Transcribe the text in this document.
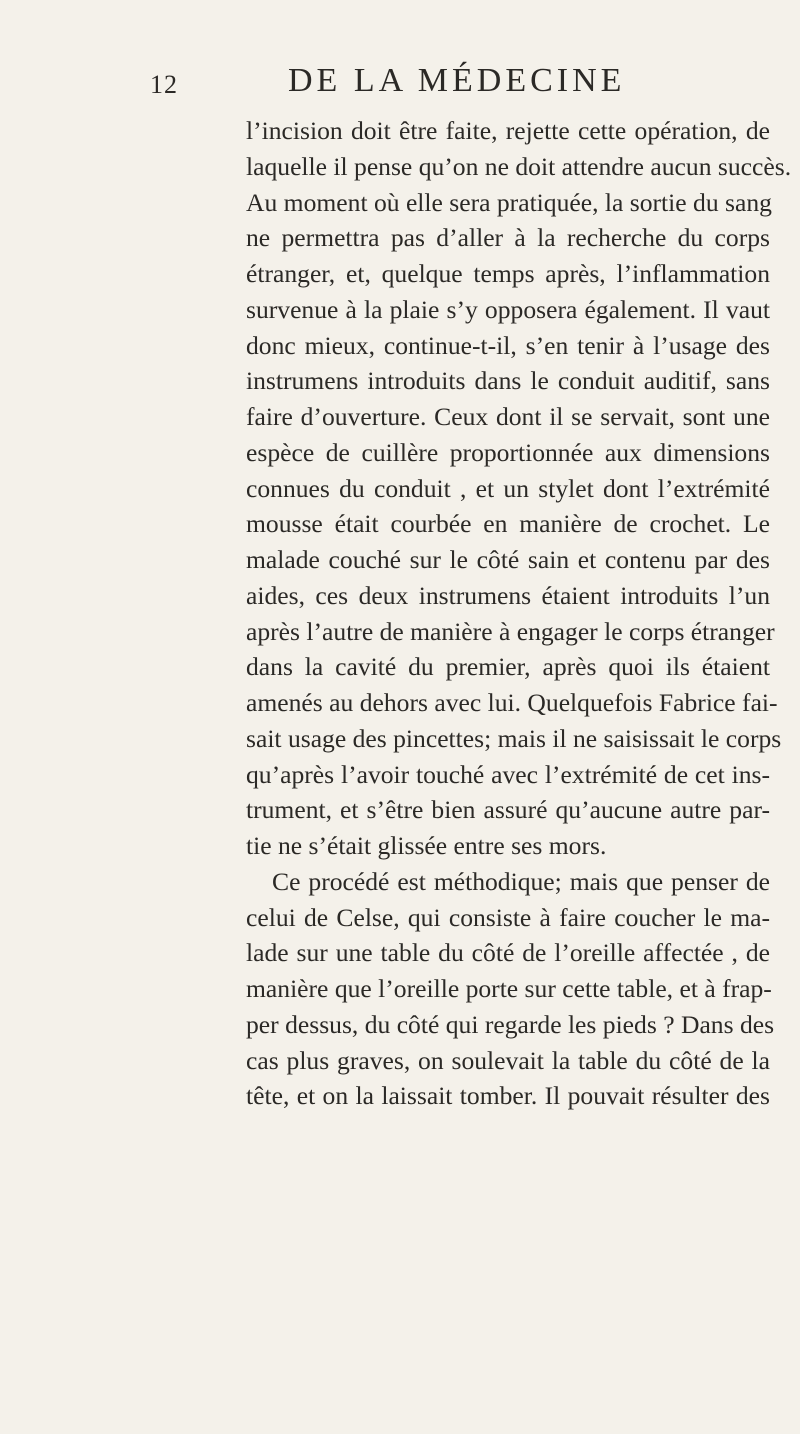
12	DE LA MÉDECINE
l’incision doit être faite, rejette cette opération, de
laquelle il pense qu’on ne doit attendre aucun succès.
Au moment où elle sera pratiquée, la sortie du sang
ne permettra pas d’aller à la recherche du corps
étranger, et, quelque temps après, l’inflammation
survenue à la plaie s’y opposera également. Il vaut
donc mieux, continue-t-il, s’en tenir à l’usage des
instrumens introduits dans le conduit auditif, sans
faire d’ouverture. Ceux dont il se servait, sont une
espèce de cuillère proportionnée aux dimensions
connues du conduit , et un stylet dont l’extrémité
mousse était courbée en manière de crochet. Le
malade couché sur le côté sain et contenu par des
aides, ces deux instrumens étaient introduits l’un
après l’autre de manière à engager le corps étranger
dans la cavité du premier, après quoi ils étaient
amenés au dehors avec lui. Quelquefois Fabrice fai-
sait usage des pincettes; mais il ne saisissait le corps
qu’après l’avoir touché avec l’extrémité de cet ins-
trument, et s’être bien assuré qu’aucune autre par-
tie ne s’était glissée entre ses mors.
Ce procédé est méthodique; mais que penser de
celui de Celse, qui consiste à faire coucher le ma-
lade sur une table du côté de l’oreille affectée , de
manière que l’oreille porte sur cette table, et à frap-
per dessus, du côté qui regarde les pieds ? Dans des
cas plus graves, on soulevait la table du côté de la
tête, et on la laissait tomber. Il pouvait résulter des
